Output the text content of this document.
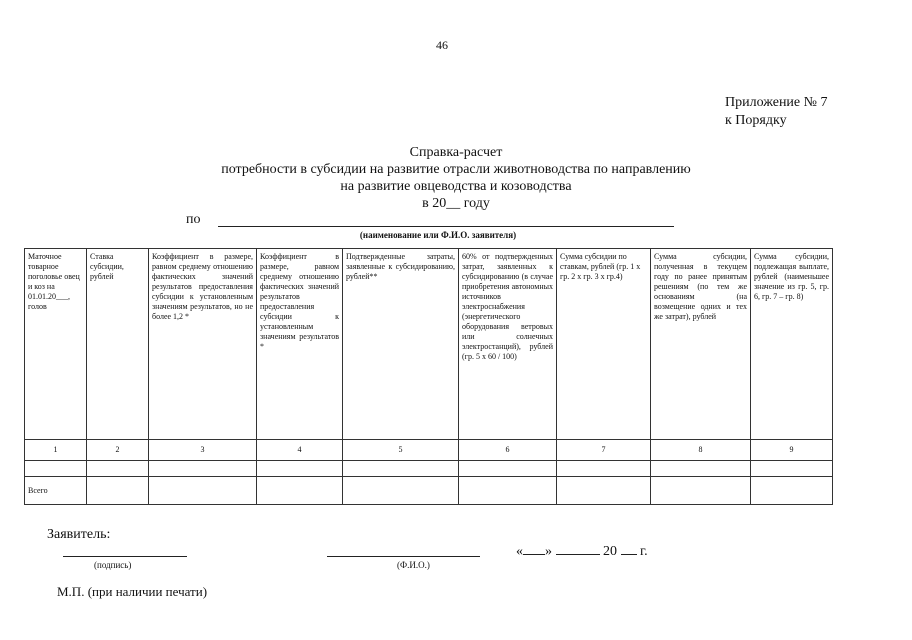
46
Приложение № 7
к Порядку
Справка-расчет
потребности в субсидии на развитие отрасли животноводства по направлению
на развитие овцеводства и козоводства
в 20__ году
по
(наименование или Ф.И.О. заявителя)
Маточное товарное поголовье овец и коз на 01.01.20___, голов	Ставка субсидии, рублей	Коэффициент в размере, равном среднему отношению фактических значений результатов предоставления субсидии к установленным значениям результатов, но не более 1,2 *	Коэффициент в размере, равном среднему отношению фактических значений результатов предоставления субсидии к установленным значениям результатов *	Подтвержденные затраты, заявленные к субсидированию, рублей**	60% от подтвержденных затрат, заявленных к субсидированию (в случае приобретения автономных источников электроснабжения (энергетического оборудования ветровых или солнечных электростанций), рублей (гр. 5 х 60 / 100)	Сумма субсидии по ставкам, рублей (гр. 1 х гр. 2 х гр. 3 х гр.4)	Сумма субсидии, полученная в текущем году по ранее принятым решениям (по тем же основаниям (на возмещение одних и тех же затрат), рублей	Сумма субсидии, подлежащая выплате, рублей (наименьшее значение из гр. 5, гр. 6, гр. 7 – гр. 8)
1	2	3	4	5	6	7	8	9

Всего								
Заявитель:
(подпись)	(Ф.И.О.)
« »	20 г.
М.П. (при наличии печати)
